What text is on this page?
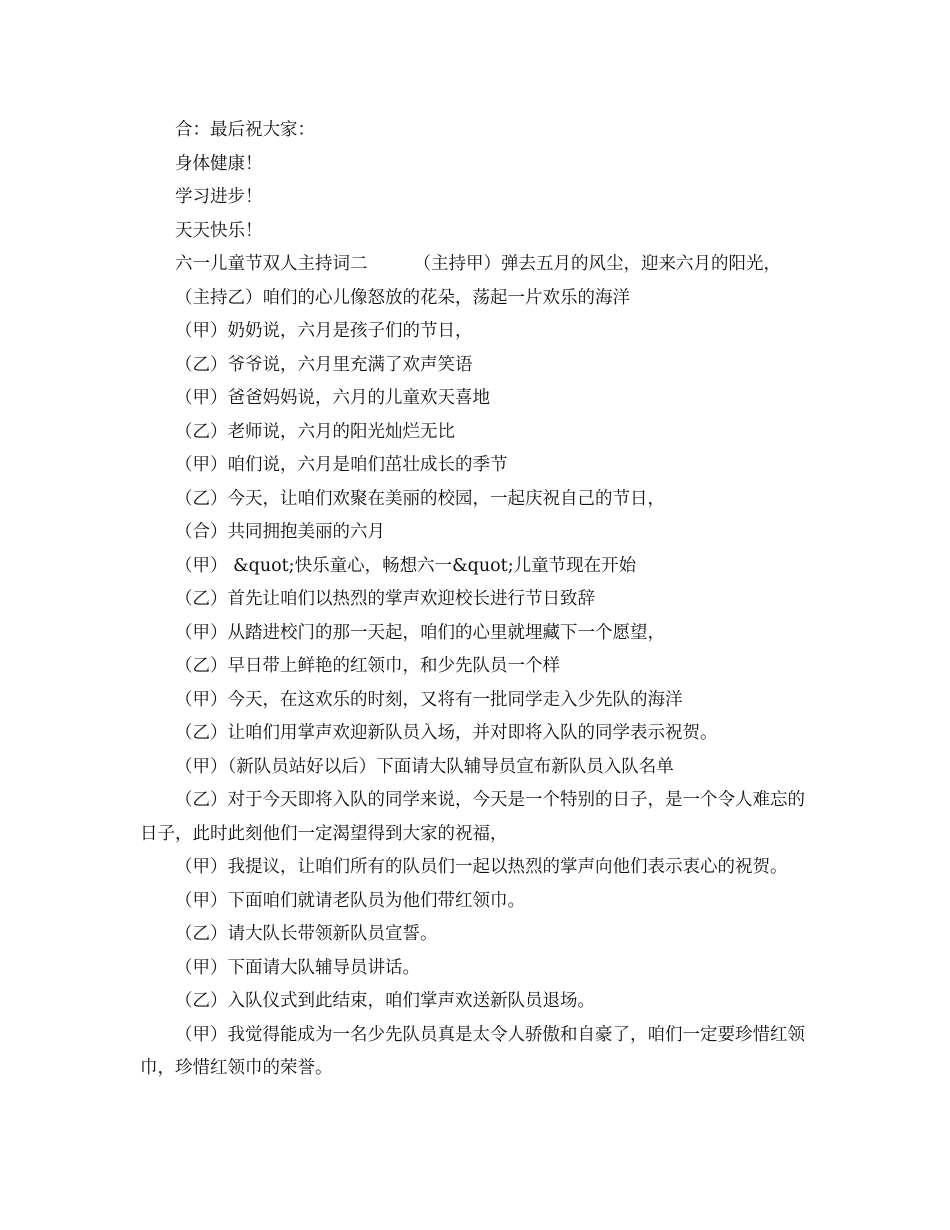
合：最后祝大家：

身体健康！

学习进步！

天天快乐！

六一儿童节双人主持词二	（主持甲）弹去五月的风尘，迎来六月的阳光，

（主持乙）咱们的心儿像怒放的花朵，荡起一片欢乐的海洋

（甲）奶奶说，六月是孩子们的节日，

（乙）爷爷说，六月里充满了欢声笑语

（甲）爸爸妈妈说，六月的儿童欢天喜地

（乙）老师说，六月的阳光灿烂无比

（甲）咱们说，六月是咱们茁壮成长的季节

（乙）今天，让咱们欢聚在美丽的校园，一起庆祝自己的节日，

（合）共同拥抱美丽的六月

（甲） &quot;快乐童心，畅想六一&quot;儿童节现在开始

（乙）首先让咱们以热烈的掌声欢迎校长进行节日致辞

（甲）从踏进校门的那一天起，咱们的心里就埋藏下一个愿望，

（乙）早日带上鲜艳的红领巾，和少先队员一个样

（甲）今天，在这欢乐的时刻，又将有一批同学走入少先队的海洋

（乙）让咱们用掌声欢迎新队员入场，并对即将入队的同学表示祝贺。

（甲）（新队员站好以后）下面请大队辅导员宣布新队员入队名单

（乙）对于今天即将入队的同学来说，今天是一个特别的日子，是一个令人难忘的日子，此时此刻他们一定渴望得到大家的祝福，

（甲）我提议，让咱们所有的队员们一起以热烈的掌声向他们表示衷心的祝贺。

（甲）下面咱们就请老队员为他们带红领巾。

（乙）请大队长带领新队员宣誓。

（甲）下面请大队辅导员讲话。

（乙）入队仪式到此结束，咱们掌声欢送新队员退场。

（甲）我觉得能成为一名少先队员真是太令人骄傲和自豪了，咱们一定要珍惜红领巾，珍惜红领巾的荣誉。
